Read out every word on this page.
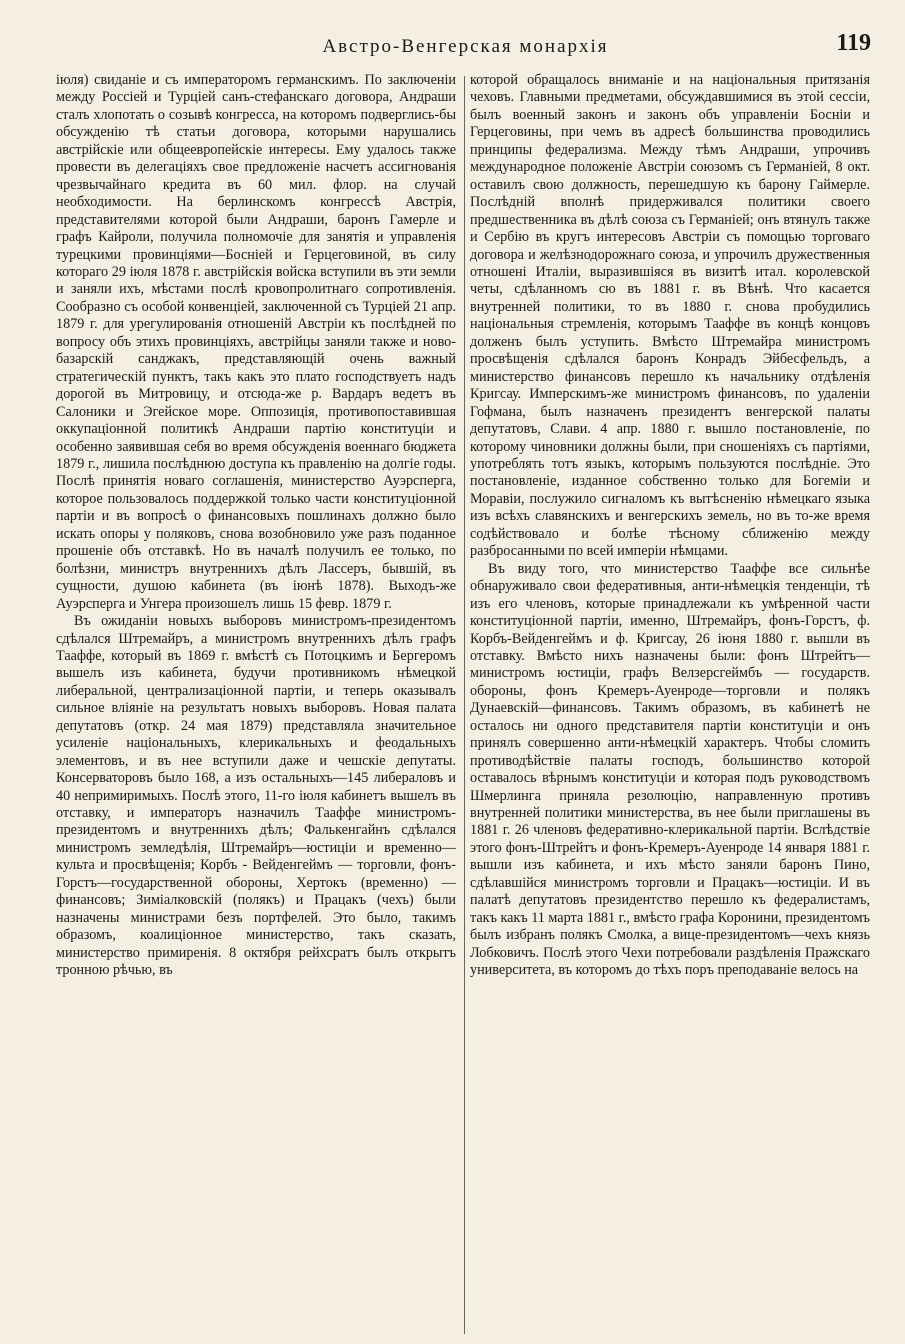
Австро-Венгерская монархія	119

іюля) свиданіе и съ императоромъ германскимъ. По заключеніи между Россіей и Турціей санъ-стефанскаго договора, Андраши сталъ хлопотать о созывѣ конгресса, на которомъ подверглись-бы обсужденію тѣ статьи договора, которыми нарушались австрійскіе или общеевропейскіе интересы. Ему удалось также провести въ делегаціяхъ свое предложеніе насчетъ ассигнованія чрезвычайнаго кредита въ 60 мил. флор. на случай необходимости. На берлинскомъ конгрессѣ Австрія, представителями которой были Андраши, баронъ Гамерле и графъ Кайроли, получила полномочіе для занятія и управленія турецкими провинціями—Босніей и Герцеговиной, въ силу котораго 29 іюля 1878 г. австрійскія войска вступили въ эти земли и заняли ихъ, мѣстами послѣ кровопролитнаго сопротивленія. Сообразно съ особой конвенціей, заключенной съ Турціей 21 апр. 1879 г. для урегулированія отношеній Австріи къ послѣдней по вопросу объ этихъ провинціяхъ, австрійцы заняли также и ново-базарскій санджакъ, представляющій очень важный стратегическій пунктъ, такъ какъ это плато господствуетъ надъ дорогой въ Митровицу, и отсюда-же р. Вардаръ ведетъ въ Салоники и Эгейское море. Оппозиція, противопоставившая оккупаціонной политикѣ Андраши партію конституціи и особенно заявившая себя во время обсужденія военнаго бюджета 1879 г., лишила послѣднюю доступа къ правленію на долгіе годы. Послѣ принятія новаго соглашенія, министерство Ауэрсперга, которое пользовалось поддержкой только части конституціонной партіи и въ вопросѣ о финансовыхъ пошлинахъ должно было искать опоры у поляковъ, снова возобновило уже разъ поданное прошеніе объ отставкѣ. Но въ началѣ получилъ ее только, по болѣзни, министръ внутреннихъ дѣлъ Лассеръ, бывшій, въ сущности, душою кабинета (въ іюнѣ 1878). Выходъ-же Ауэрсперга и Унгера произошелъ лишь 15 февр. 1879 г.

Въ ожиданіи новыхъ выборовъ министромъ-президентомъ сдѣлался Штремайръ, а министромъ внутреннихъ дѣлъ графъ Тааффе, который въ 1869 г. вмѣстѣ съ Потоцкимъ и Бергеромъ вышелъ изъ кабинета, будучи противникомъ нѣмецкой либеральной, централизаціонной партіи, и теперь оказывалъ сильное вліяніе на результатъ новыхъ выборовъ. Новая палата депутатовъ (откр. 24 мая 1879) представляла значительное усиленіе національныхъ, клерикальныхъ и феодальныхъ элементовъ, и въ нее вступили даже и чешскіе депутаты. Консерваторовъ было 168, а изъ остальныхъ—145 либераловъ и 40 непримиримыхъ. Послѣ этого, 11-го іюля кабинетъ вышелъ въ отставку, и императоръ назначилъ Тааффе министромъ-президентомъ и внутреннихъ дѣлъ; Фалькенгайнъ сдѣлался министромъ земледѣлія, Штремайръ—юстиціи и временно—культа и просвѣщенія; Корбъ - Вейденгеймъ — торговли, фонъ-Горстъ—государственной обороны, Хертокъ (временно) — финансовъ; Зиміалковскій (полякъ) и Працакъ (чехъ) были назначены министрами безъ портфелей. Это было, такимъ образомъ, коалиціонное министерство, такъ сказать, министерство примиренія. 8 октября рейхсратъ былъ открытъ тронною рѣчью, въ

которой обращалось вниманіе и на національныя притязанія чеховъ. Главными предметами, обсуждавшимися въ этой сессіи, былъ военный законъ и законъ объ управленіи Босніи и Герцеговины, при чемъ въ адресѣ большинства проводились принципы федерализма. Между тѣмъ Андраши, упрочивъ международное положеніе Австріи союзомъ съ Германіей, 8 окт. оставилъ свою должность, перешедшую къ барону Гаймерле. Послѣдній вполнѣ придерживался политики своего предшественника въ дѣлѣ союза съ Германіей; онъ втянулъ также и Сербію въ кругъ интересовъ Австріи съ помощью торговаго договора и желѣзнодорожнаго союза, и упрочилъ дружественныя отношені Италіи, выразившіяся въ визитѣ итал. королевской четы, сдѣланномъ сю въ 1881 г. въ Вѣнѣ. Что касается внутренней политики, то въ 1880 г. снова пробудились національныя стремленія, которымъ Тааффе въ концѣ концовъ долженъ былъ уступить. Вмѣсто Штремайра министромъ просвѣщенія сдѣлался баронъ Конрадъ Эйбесфельдъ, а министерство финансовъ перешло къ начальнику отдѣленія Кригсау. Имперскимъ-же министромъ финансовъ, по удаленіи Гофмана, былъ назначенъ президентъ венгерской палаты депутатовъ, Слави. 4 апр. 1880 г. вышло постановленіе, по которому чиновники должны были, при сношеніяхъ съ партіями, употреблять тотъ языкъ, которымъ пользуются послѣдніе. Это постановленіе, изданное собственно только для Богеміи и Моравіи, послужило сигналомъ къ вытѣсненію нѣмецкаго языка изъ всѣхъ славянскихъ и венгерскихъ земель, но въ то-же время содѣйствовало и болѣе тѣсному сближенію между разбросанными по всей имперіи нѣмцами.

Въ виду того, что министерство Тааффе все сильнѣе обнаруживало свои федеративныя, анти-нѣмецкія тенденціи, тѣ изъ его членовъ, которые принадлежали къ умѣренной части конституціонной партіи, именно, Штремайръ, фонъ-Горстъ, ф. Корбъ-Вейденгеймъ и ф. Кригсау, 26 іюня 1880 г. вышли въ отставку. Вмѣсто нихъ назначены были: фонъ Штрейтъ—министромъ юстиціи, графъ Велзерсгеймбъ — государств. обороны, фонъ Кремеръ-Ауенроде—торговли и полякъ Дунаевскій—финансовъ. Такимъ образомъ, въ кабинетѣ не осталось ни одного представителя партіи конституціи и онъ принялъ совершенно анти-нѣмецкій характеръ. Чтобы сломить противодѣйствіе палаты господъ, большинство которой оставалось вѣрнымъ конституціи и которая подъ руководствомъ Шмерлинга приняла резолюцію, направленную противъ внутренней политики министерства, въ нее были приглашены въ 1881 г. 26 членовъ федеративно-клерикальной партіи. Вслѣдствіе этого фонъ-Штрейтъ и фонъ-Кремеръ-Ауенроде 14 января 1881 г. вышли изъ кабинета, и ихъ мѣсто заняли баронъ Пино, сдѣлавшійся министромъ торговли и Працакъ—юстиціи. И въ палатѣ депутатовъ президентство перешло къ федералистамъ, такъ какъ 11 марта 1881 г., вмѣсто графа Коронини, президентомъ былъ избранъ полякъ Смолка, а вице-президентомъ—чехъ князь Лобковичъ. Послѣ этого Чехи потребовали раздѣленія Пражскаго университета, въ которомъ до тѣхъ поръ преподаваніе велось на
